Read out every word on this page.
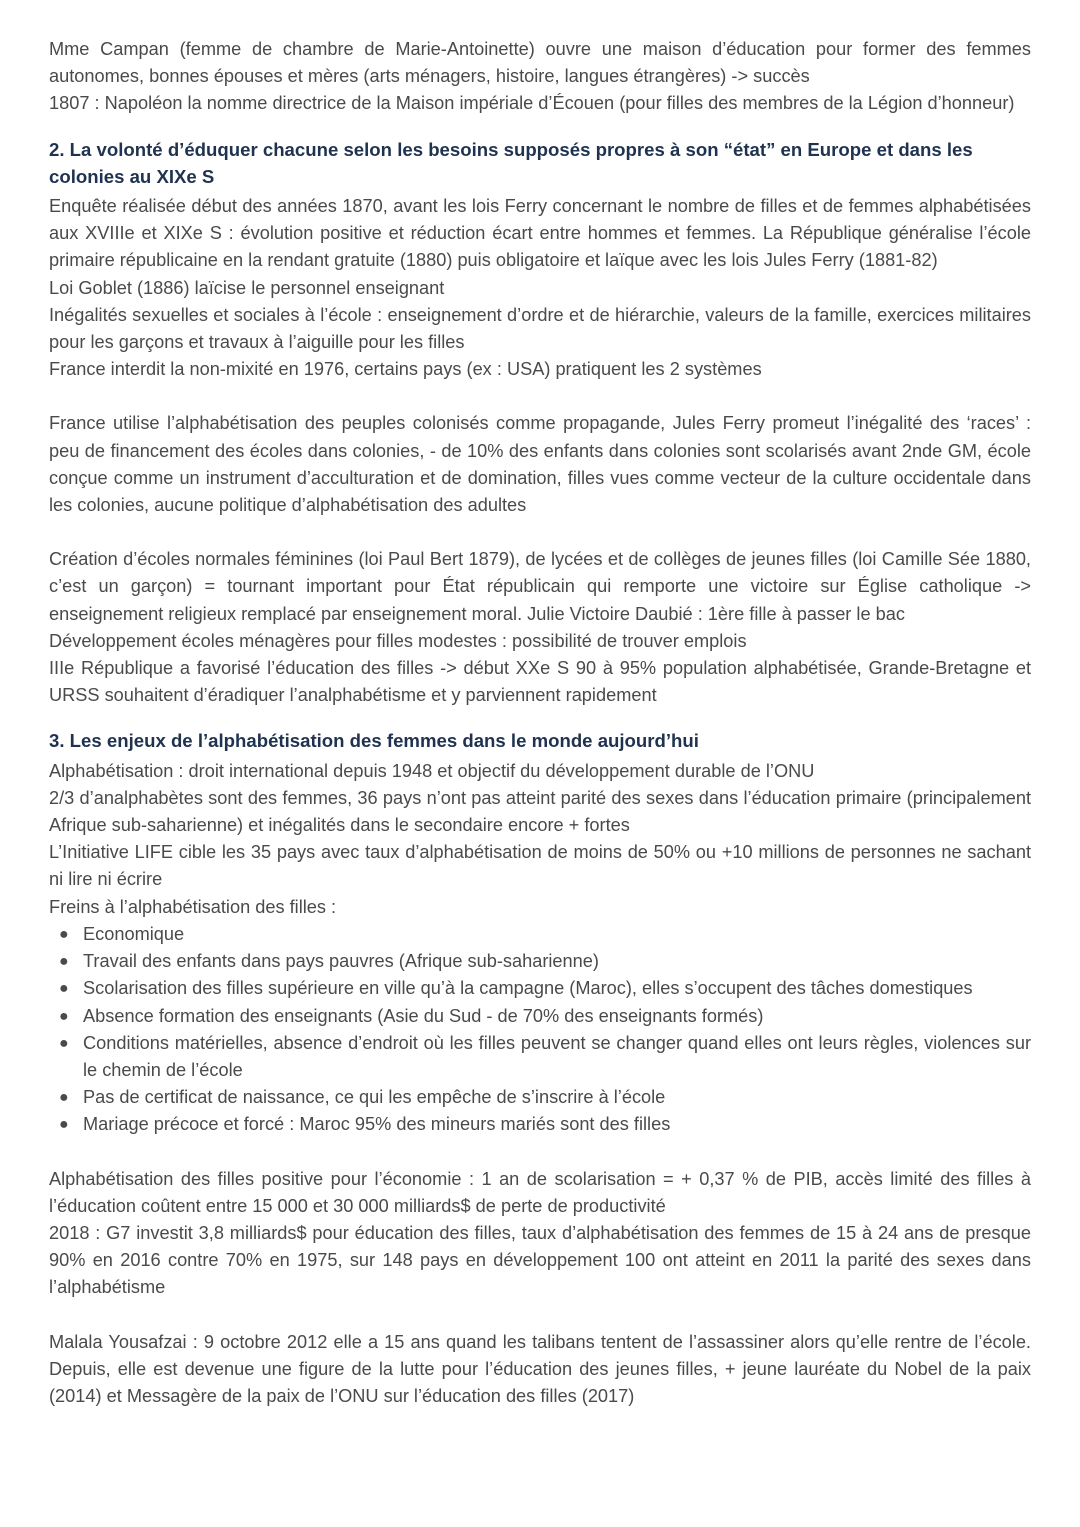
Mme Campan (femme de chambre de Marie-Antoinette) ouvre une maison d’éducation pour former des femmes autonomes, bonnes épouses et mères (arts ménagers, histoire, langues étrangères) -> succès

1807 : Napoléon la nomme directrice de la Maison impériale d’Écouen (pour filles des membres de la Légion d’honneur)

2. La volonté d’éduquer chacune selon les besoins supposés propres à son “état” en Europe et dans les colonies au XIXe S

Enquête réalisée début des années 1870, avant les lois Ferry concernant le nombre de filles et de femmes alphabétisées aux XVIIIe et XIXe S : évolution positive et réduction écart entre hommes et femmes. La République généralise l’école primaire républicaine en la rendant gratuite (1880) puis obligatoire et laïque avec les lois Jules Ferry (1881-82)

Loi Goblet (1886) laïcise le personnel enseignant

Inégalités sexuelles et sociales à l’école : enseignement d’ordre et de hiérarchie, valeurs de la famille, exercices militaires pour les garçons et travaux à l’aiguille pour les filles

France interdit la non-mixité en 1976, certains pays (ex : USA) pratiquent les 2 systèmes

France utilise l’alphabétisation des peuples colonisés comme propagande, Jules Ferry promeut l’inégalité des ‘races’ : peu de financement des écoles dans colonies, - de 10% des enfants dans colonies sont scolarisés avant 2nde GM, école conçue comme un instrument d’acculturation et de domination, filles vues comme vecteur de la culture occidentale dans les colonies, aucune politique d’alphabétisation des adultes

Création d’écoles normales féminines (loi Paul Bert 1879), de lycées et de collèges de jeunes filles (loi Camille Sée 1880, c’est un garçon) = tournant important pour État républicain qui remporte une victoire sur Église catholique -> enseignement religieux remplacé par enseignement moral. Julie Victoire Daubié : 1ère fille à passer le bac

Développement écoles ménagères pour filles modestes : possibilité de trouver emplois

IIIe République a favorisé l’éducation des filles -> début XXe S 90 à 95% population alphabétisée, Grande-Bretagne et URSS souhaitent d’éradiquer l’analphabétisme et y parviennent rapidement

3. Les enjeux de l’alphabétisation des femmes dans le monde aujourd’hui

Alphabétisation : droit international depuis 1948 et objectif du développement durable de l’ONU

2/3 d’analphabètes sont des femmes, 36 pays n’ont pas atteint parité des sexes dans l’éducation primaire (principalement Afrique sub-saharienne) et inégalités dans le secondaire encore + fortes

L’Initiative LIFE cible les 35 pays avec taux d’alphabétisation de moins de 50% ou +10 millions de personnes ne sachant ni lire ni écrire

Freins à l’alphabétisation des filles :

● Economique
● Travail des enfants dans pays pauvres (Afrique sub-saharienne)
● Scolarisation des filles supérieure en ville qu’à la campagne (Maroc), elles s’occupent des tâches domestiques
● Absence formation des enseignants (Asie du Sud - de 70% des enseignants formés)
● Conditions matérielles, absence d’endroit où les filles peuvent se changer quand elles ont leurs règles, violences sur le chemin de l’école
● Pas de certificat de naissance, ce qui les empêche de s’inscrire à l’école
● Mariage précoce et forcé : Maroc 95% des mineurs mariés sont des filles

Alphabétisation des filles positive pour l’économie : 1 an de scolarisation = + 0,37 % de PIB, accès limité des filles à l’éducation coûtent entre 15 000 et 30 000 milliards$ de perte de productivité

2018 : G7 investit 3,8 milliards$ pour éducation des filles, taux d’alphabétisation des femmes de 15 à 24 ans de presque 90% en 2016 contre 70% en 1975, sur 148 pays en développement 100 ont atteint en 2011 la parité des sexes dans l’alphabétisme

Malala Yousafzai : 9 octobre 2012 elle a 15 ans quand les talibans tentent de l’assassiner alors qu’elle rentre de l’école. Depuis, elle est devenue une figure de la lutte pour l’éducation des jeunes filles, + jeune lauréate du Nobel de la paix (2014) et Messagère de la paix de l’ONU sur l’éducation des filles (2017)
